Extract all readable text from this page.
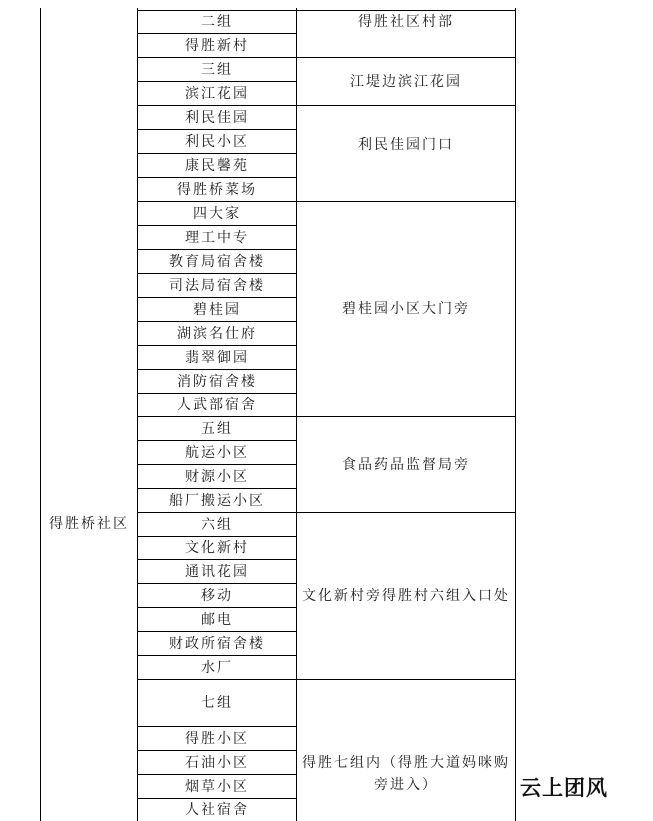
得胜桥社区
二组
得胜新村
得胜社区村部
三组
滨江花园
江堤边滨江花园
利民佳园
利民小区
康民馨苑
得胜桥菜场
利民佳园门口
四大家
理工中专
教育局宿舍楼
司法局宿舍楼
碧桂园
湖滨名仕府
翡翠御园
消防宿舍楼
人武部宿舍
碧桂园小区大门旁
五组
航运小区
财源小区
船厂搬运小区
食品药品监督局旁
六组
文化新村
通讯花园
移动
邮电
财政所宿舍楼
水厂
文化新村旁得胜村六组入口处
七组
得胜小区
石油小区
烟草小区
人社宿舍
得胜七组内（得胜大道妈咪购旁进入）	云上团风
